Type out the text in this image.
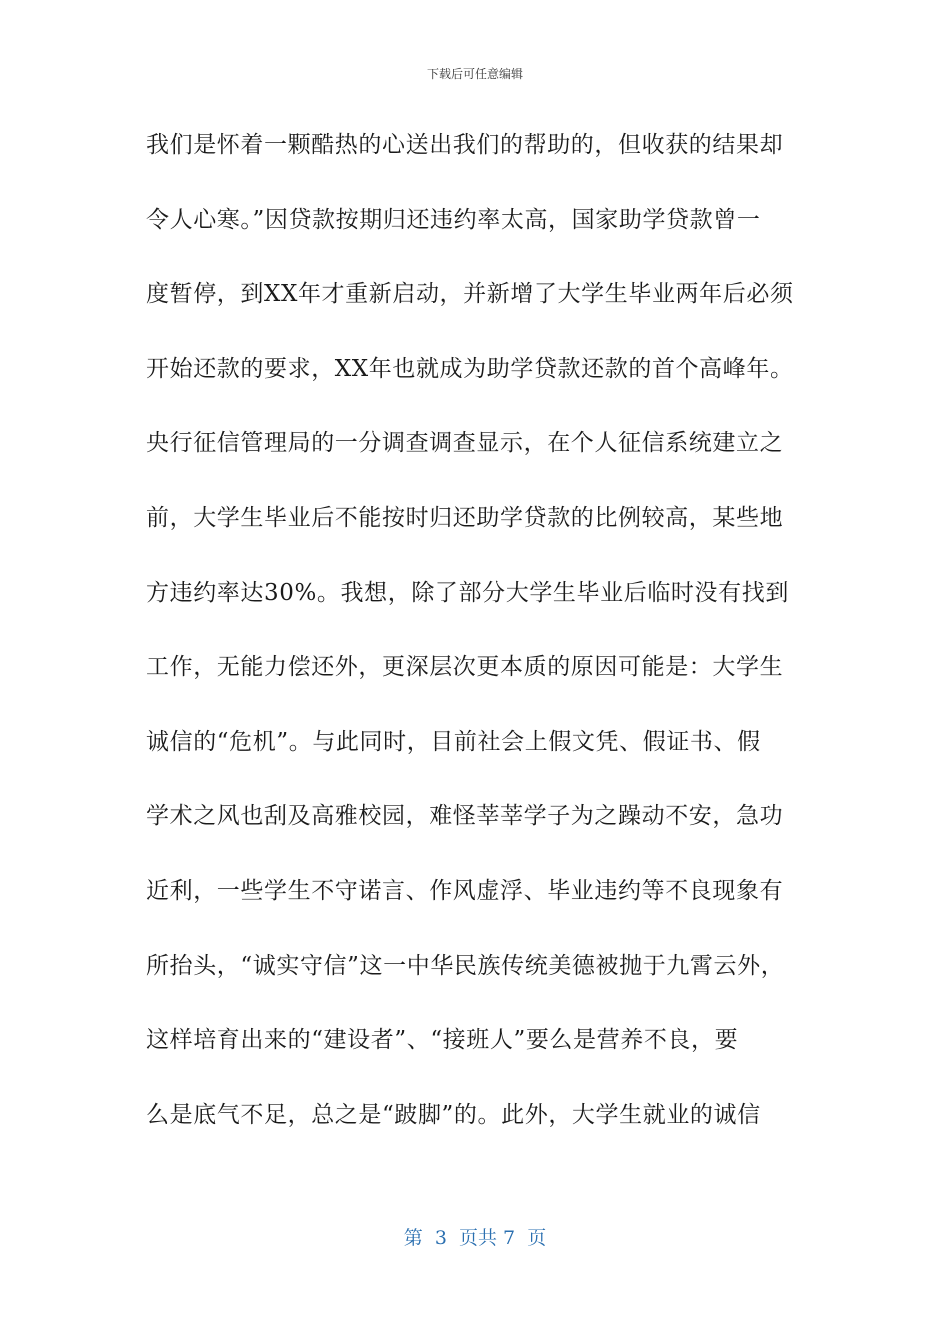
下载后可任意编辑
我们是怀着一颗酷热的心送出我们的帮助的，但收获的结果却
令人心寒。”因贷款按期归还违约率太高，国家助学贷款曾一
度暂停，到XX年才重新启动，并新增了大学生毕业两年后必须
开始还款的要求，XX年也就成为助学贷款还款的首个高峰年。
央行征信管理局的一分调查调查显示，在个人征信系统建立之
前，大学生毕业后不能按时归还助学贷款的比例较高，某些地
方违约率达30%。我想，除了部分大学生毕业后临时没有找到
工作，无能力偿还外，更深层次更本质的原因可能是：大学生
诚信的“危机”。与此同时，目前社会上假文凭、假证书、假
学术之风也刮及高雅校园，难怪莘莘学子为之躁动不安，急功
近利，一些学生不守诺言、作风虚浮、毕业违约等不良现象有
所抬头，“诚实守信”这一中华民族传统美德被抛于九霄云外，
这样培育出来的“建设者”、“接班人”要么是营养不良，要
么是底气不足，总之是“跛脚”的。此外，大学生就业的诚信
第  3  页共 7  页
